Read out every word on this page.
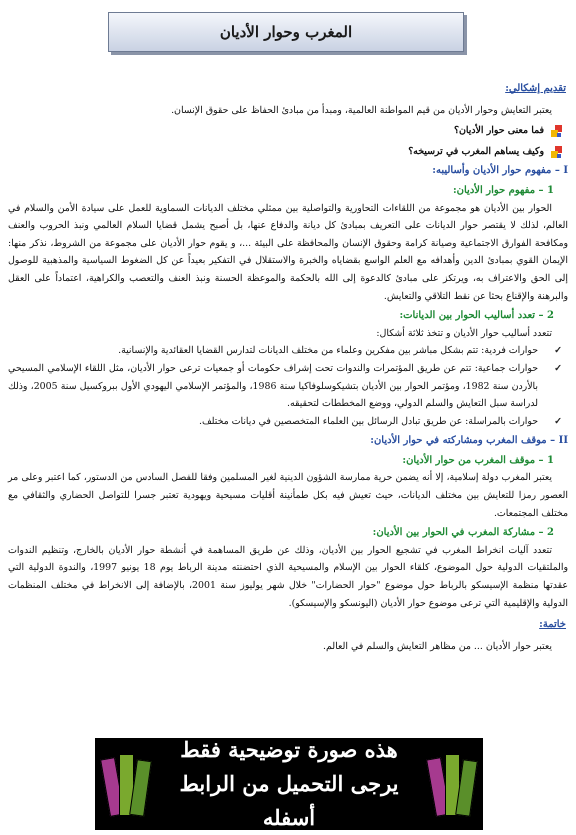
المغرب وحوار الأديان

تقديم إشكالي:

يعتبر التعايش وحوار الأديان من قيم المواطنة العالمية، ومبدأ من مبادئ الحفاظ على حقوق الإنسان.

فما معنى حوار الأديان؟

وكيف يساهم المغرب في ترسيخه؟

I – مفهوم حوار الأديان وأساليبه:

1 – مفهوم حوار الأديان:

الحوار بين الأديان هو مجموعة من اللقاءات التحاورية والتواصلية بين ممثلي مختلف الديانات السماوية للعمل على سيادة الأمن والسلام في العالم، لذلك لا يقتصر حوار الديانات على التعريف بمبادئ كل ديانة والدفاع عنها، بل أصبح يشمل قضايا السلام العالمي ونبذ الحروب والعنف ومكافحة الفوارق الاجتماعية وصيانة كرامة وحقوق الإنسان والمحافظة على البيئة ...، و يقوم حوار الأديان على مجموعة من الشروط، نذكر منها: الإيمان القوي بمبادئ الدين وأهدافه مع العلم الواسع بقضاياه والخبرة والاستقلال في التفكير بعيداً عن كل الضغوط السياسية والمذهبية للوصول إلى الحق والاعتراف به، ويرتكز على مبادئ كالدعوة إلى الله بالحكمة والموعظة الحسنة ونبذ العنف والتعصب والكراهية، اعتماداً على العقل والبرهنة والإقناع بحثا عن نقط التلاقي والتعايش.

2 – تعدد أساليب الحوار بين الديانات:

تتعدد أساليب حوار الأديان و تتخذ ثلاثة أشكال:

✓ حوارات فردية: تتم بشكل مباشر بين مفكرين وعلماء من مختلف الديانات لتدارس القضايا العقائدية والإنسانية.
✓ حوارات جماعية: تتم عن طريق المؤتمرات والندوات تحت إشراف حكومات أو جمعيات ترعى حوار الأديان، مثل اللقاء الإسلامي المسيحي بالأردن سنة 1982، ومؤتمر الحوار بين الأديان بتشيكوسلوفاكيا سنة 1986، والمؤتمر الإسلامي اليهودي الأول ببروكسيل سنة 2005، وذلك لدراسة سبل التعايش والسلم الدولي، ووضع المخططات لتحقيقه.
✓ حوارات بالمراسلة: عن طريق تبادل الرسائل بين العلماء المتخصصين في ديانات مختلف.

II – موقف المغرب ومشاركته في حوار الأديان:

1 – موقف المغرب من حوار الأديان:

يعتبر المغرب دولة إسلامية، إلا أنه يضمن حرية ممارسة الشؤون الدينية لغير المسلمين وفقا للفصل السادس من الدستور، كما اعتبر وعلى مر العصور رمزا للتعايش بين مختلف الديانات، حيث تعيش فيه بكل طمأنينة أقليات مسيحية ويهودية تعتبر جسرا للتواصل الحضاري والثقافي مع مختلف المجتمعات.

2 – مشاركة المغرب في الحوار بين الأديان:

تتعدد آليات انخراط المغرب في تشجيع الحوار بين الأديان، وذلك عن طريق المساهمة في أنشطة حوار الأديان بالخارج، وتنظيم الندوات والملتقيات الدولية حول الموضوع، كلقاء الحوار بين الإسلام والمسيحية الذي احتضنته مدينة الرباط يوم 18 يونيو 1997، والندوة الدولية التي عقدتها منظمة الإسيسكو بالرباط حول موضوع "حوار الحضارات" خلال شهر يوليوز سنة 2001، بالإضافة إلى الانخراط في مختلف المنظمات الدولية والإقليمية التي ترعى موضوع حوار الأديان (اليونسكو والإسيسكو).

خاتمة:

يعتبر حوار الأديان ... من مظاهر التعايش والسلم في العالم.

هذه صورة توضيحية فقط
يرجى التحميل من الرابط أسفله
